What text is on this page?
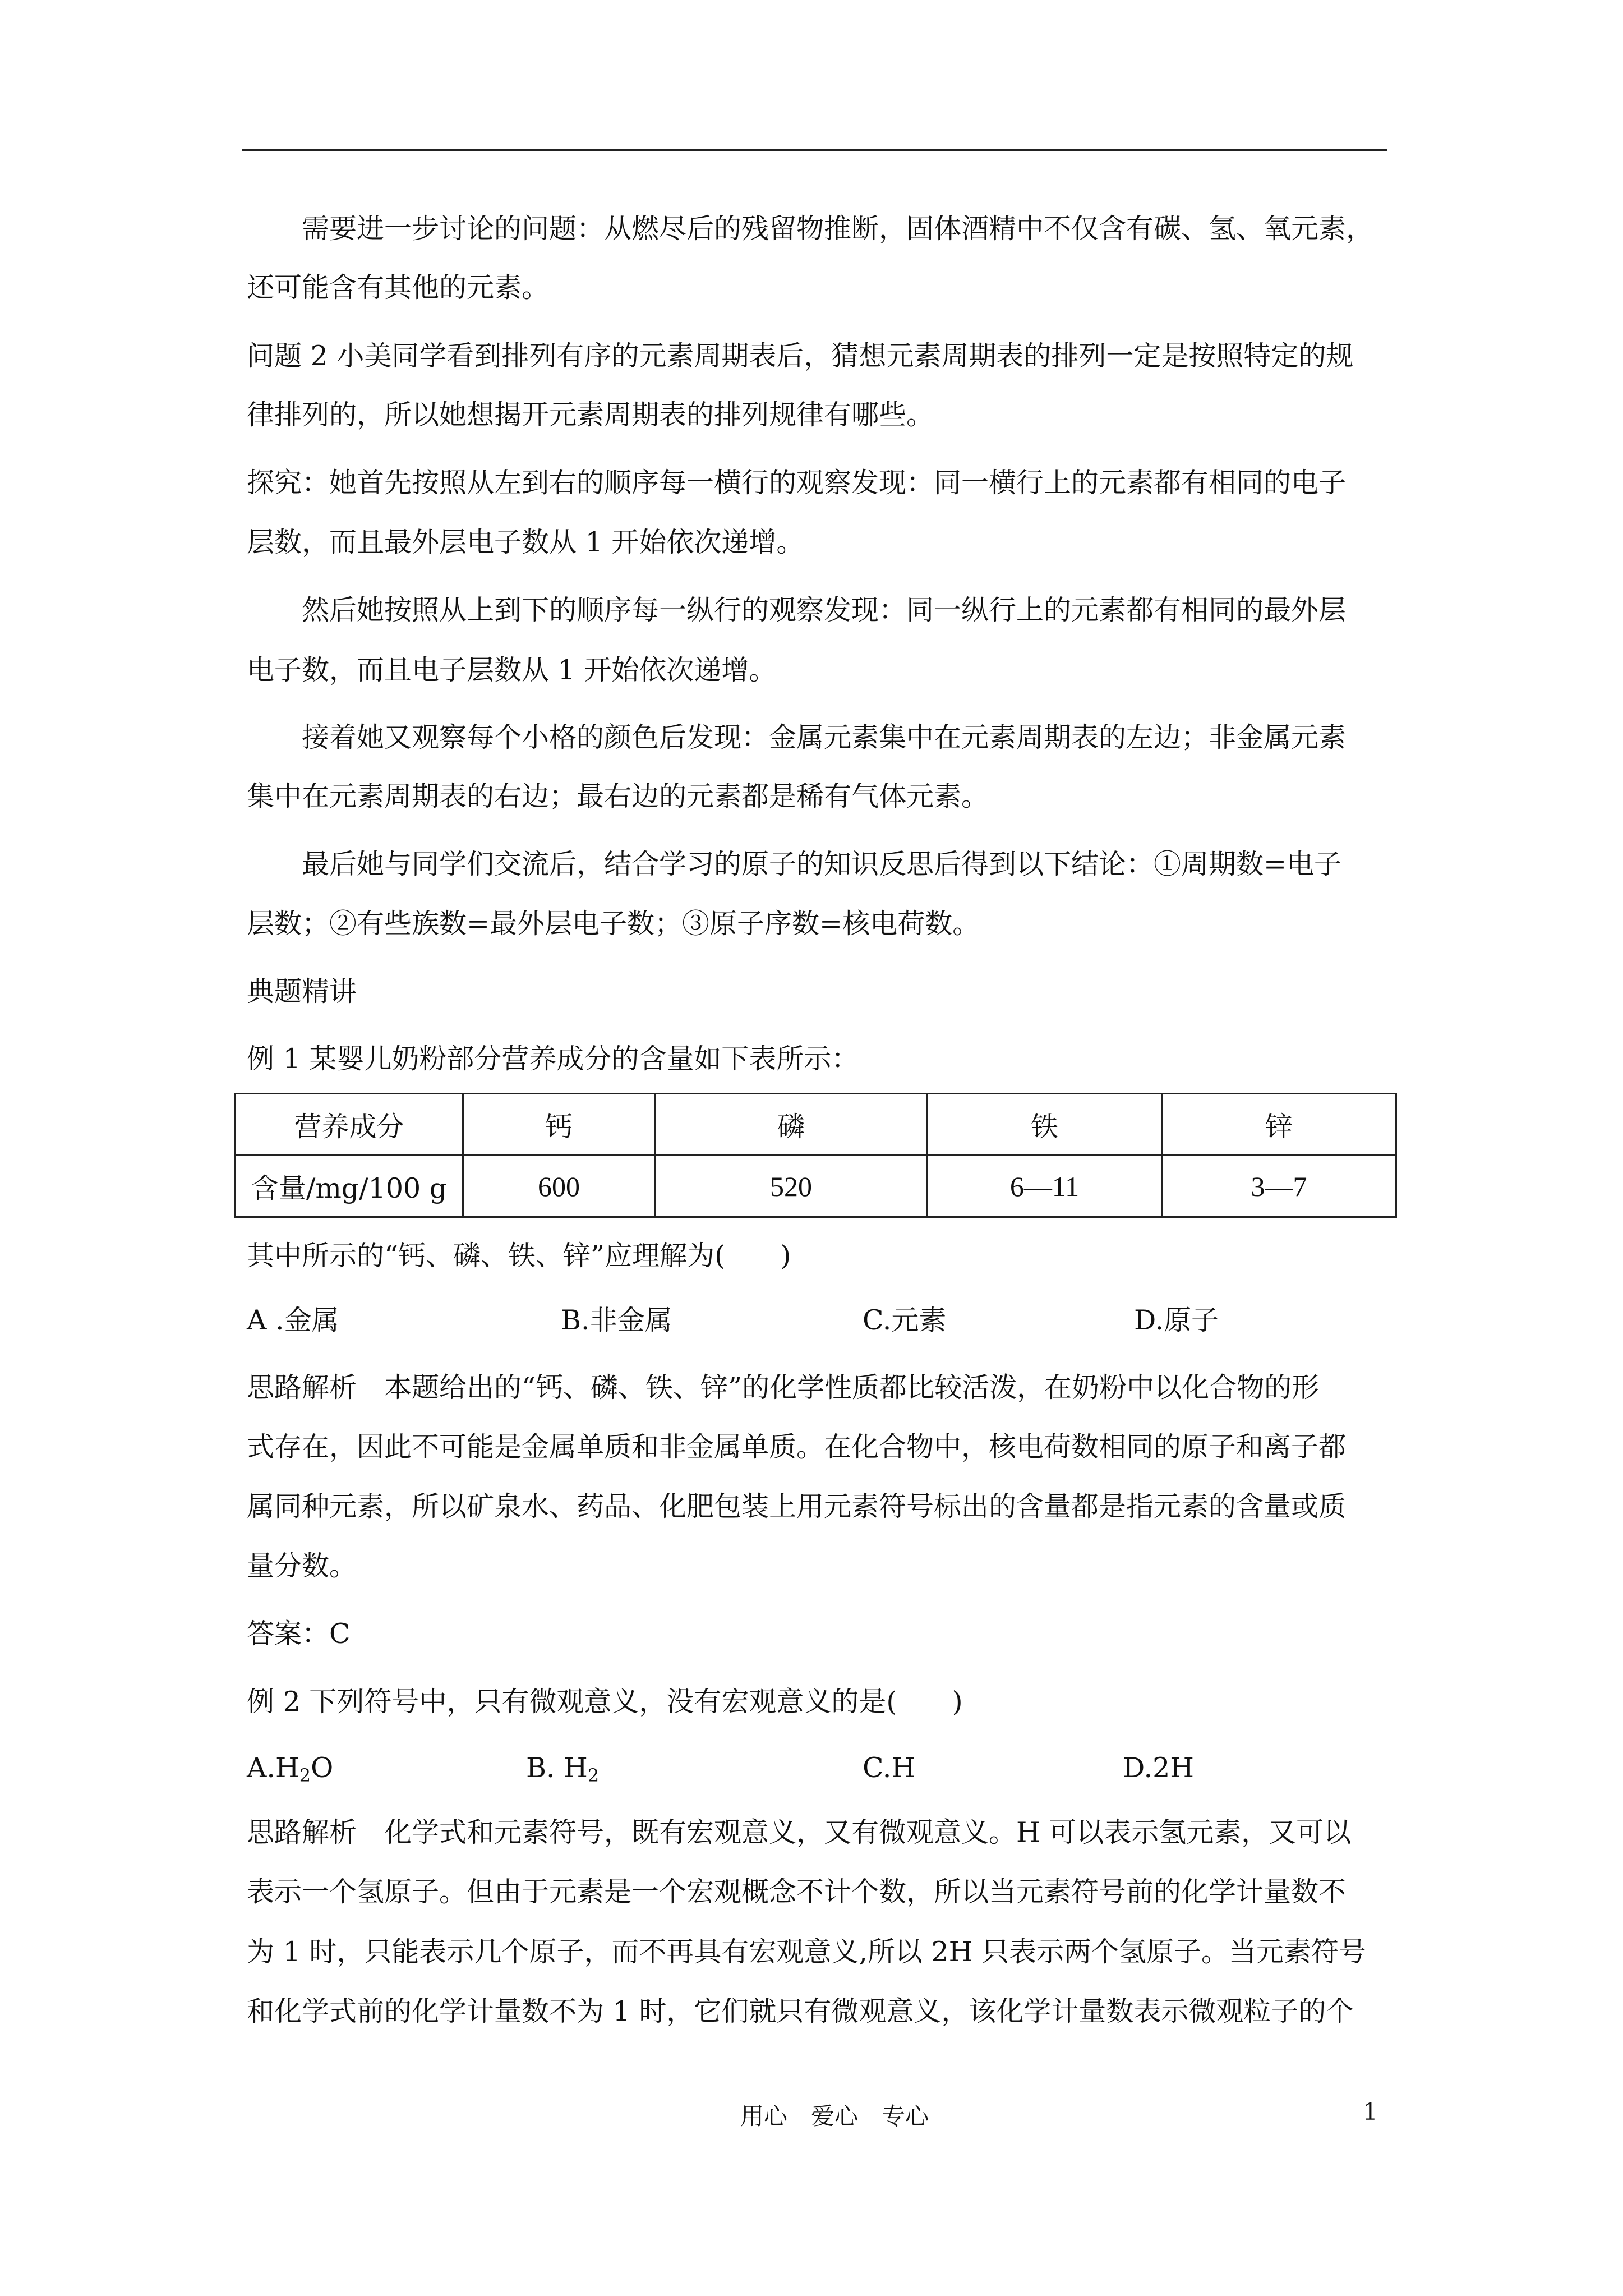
需要进一步讨论的问题：从燃尽后的残留物推断，固体酒精中不仅含有碳、氢、氧元素，
还可能含有其他的元素。
问题 2 小美同学看到排列有序的元素周期表后，猜想元素周期表的排列一定是按照特定的规
律排列的，所以她想揭开元素周期表的排列规律有哪些。
探究：她首先按照从左到右的顺序每一横行的观察发现：同一横行上的元素都有相同的电子
层数，而且最外层电子数从 1 开始依次递增。
然后她按照从上到下的顺序每一纵行的观察发现：同一纵行上的元素都有相同的最外层
电子数，而且电子层数从 1 开始依次递增。
接着她又观察每个小格的颜色后发现：金属元素集中在元素周期表的左边；非金属元素
集中在元素周期表的右边；最右边的元素都是稀有气体元素。
最后她与同学们交流后，结合学习的原子的知识反思后得到以下结论：①周期数=电子
层数；②有些族数=最外层电子数；③原子序数=核电荷数。
典题精讲
例 1 某婴儿奶粉部分营养成分的含量如下表所示：
营养成分	钙	磷	铁	锌
含量/mg/100 g	600	520	6—11	3—7
其中所示的“钙、磷、铁、锌”应理解为(　　)
A .金属	B.非金属	C.元素	D.原子
思路解析　本题给出的“钙、磷、铁、锌”的化学性质都比较活泼，在奶粉中以化合物的形
式存在，因此不可能是金属单质和非金属单质。在化合物中，核电荷数相同的原子和离子都
属同种元素，所以矿泉水、药品、化肥包装上用元素符号标出的含量都是指元素的含量或质
量分数。
答案：C
例 2 下列符号中，只有微观意义，没有宏观意义的是(　　)
$A.H_2O$	B. $H_2$	C.H	D.2H
思路解析　化学式和元素符号，既有宏观意义，又有微观意义。H 可以表示氢元素，又可以
表示一个氢原子。但由于元素是一个宏观概念不计个数，所以当元素符号前的化学计量数不
为 1 时，只能表示几个原子，而不再具有宏观意义,所以 2H 只表示两个氢原子。当元素符号
和化学式前的化学计量数不为 1 时，它们就只有微观意义，该化学计量数表示微观粒子的个
用心　爱心　专心	1
